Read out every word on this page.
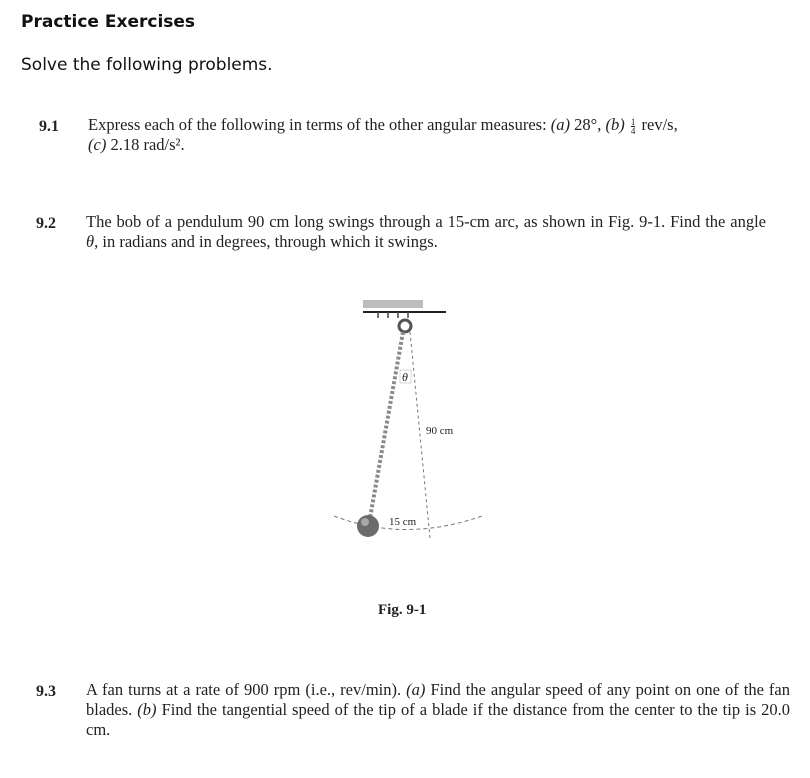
Practice Exercises
Solve the following problems.
9.1 Express each of the following in terms of the other angular measures: (a) 28°, $(b) \frac{1}{4} rev/s$,
(c) 2.18 rad/s².
9.2 The bob of a pendulum 90 cm long swings through a 15-cm arc, as shown in Fig. 9-1. Find the angle θ, in radians and in degrees, through which it swings.
θ
90 cm
15 cm
Fig. 9-1
9.3 A fan turns at a rate of 900 rpm (i.e., rev/min). (a) Find the angular speed of any point on one of the fan blades. (b) Find the tangential speed of the tip of a blade if the distance from the center to the tip is 20.0 cm.
